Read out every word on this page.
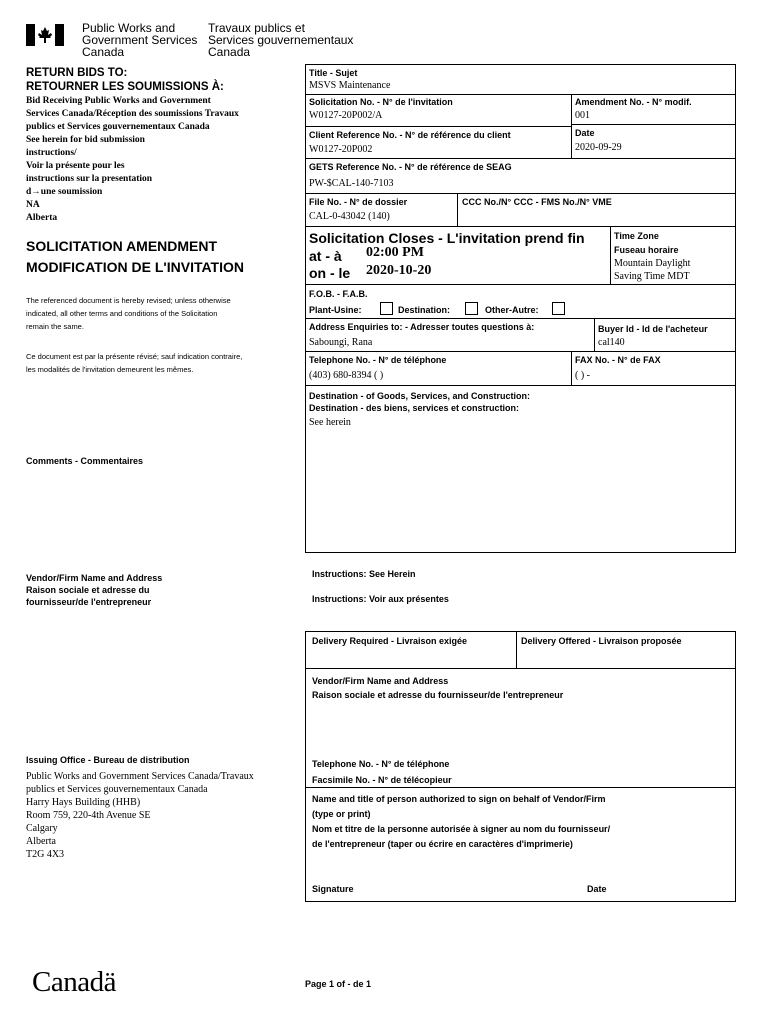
Public Works and
Government Services
Canada
Travaux publics et
Services gouvernementaux
Canada
RETURN BIDS TO:
RETOURNER LES SOUMISSIONS À:
Bid Receiving Public Works and Government
Services Canada/Réception des soumissions Travaux
publics et Services gouvernementaux Canada
See herein for bid submission
instructions/
Voir la présente pour les
instructions sur la presentation
d→une soumission
NA
Alberta
SOLICITATION AMENDMENT
MODIFICATION DE L'INVITATION
The referenced document is hereby revised; unless otherwise
indicated, all other terms and conditions of the Solicitation
remain the same.
Ce document est par la présente révisé; sauf indication contraire,
les modalités de l'invitation demeurent les mêmes.
Comments - Commentaires
Vendor/Firm Name and Address
Raison sociale et adresse du
fournisseur/de l'entrepreneur
Issuing Office - Bureau de distribution
Public Works and Government Services Canada/Travaux
publics et Services gouvernementaux Canada
Harry Hays Building (HHB)
Room 759, 220-4th Avenue SE
Calgary
Alberta
T2G 4X3
Title - Sujet
MSVS Maintenance
Solicitation No. - N° de l'invitation
W0127-20P002/A
Amendment No. - N° modif.
001
Client Reference No. - N° de référence du client
W0127-20P002
Date
2020-09-29
GETS Reference No. - N° de référence de SEAG
PW-$CAL-140-7103
File No. - N° de dossier
CAL-0-43042 (140)
CCC No./N° CCC - FMS No./N° VME
Solicitation Closes - L'invitation prend fin
at - à 02:00 PM
on - le 2020-10-20
Time Zone
Fuseau horaire
Mountain Daylight
Saving Time MDT
F.O.B. - F.A.B.
Plant-Usine:	Destination:	Other-Autre:
Address Enquiries to: - Adresser toutes questions à:
Saboungi, Rana
Buyer Id - Id de l'acheteur
cal140
Telephone No. - N° de téléphone
(403) 680-8394 ( )
FAX No. - N° de FAX
( ) -
Destination - of Goods, Services, and Construction:
Destination - des biens, services et construction:
See herein
Instructions: See Herein
Instructions: Voir aux présentes
Delivery Required - Livraison exigée	Delivery Offered - Livraison proposée
Vendor/Firm Name and Address
Raison sociale et adresse du fournisseur/de l'entrepreneur
Telephone No. - N° de téléphone
Facsimile No. - N° de télécopieur
Name and title of person authorized to sign on behalf of Vendor/Firm
(type or print)
Nom et titre de la personne autorisée à signer au nom du fournisseur/
de l'entrepreneur (taper ou écrire en caractères d'imprimerie)
Signature	Date
Canadä	Page 1 of - de 1
